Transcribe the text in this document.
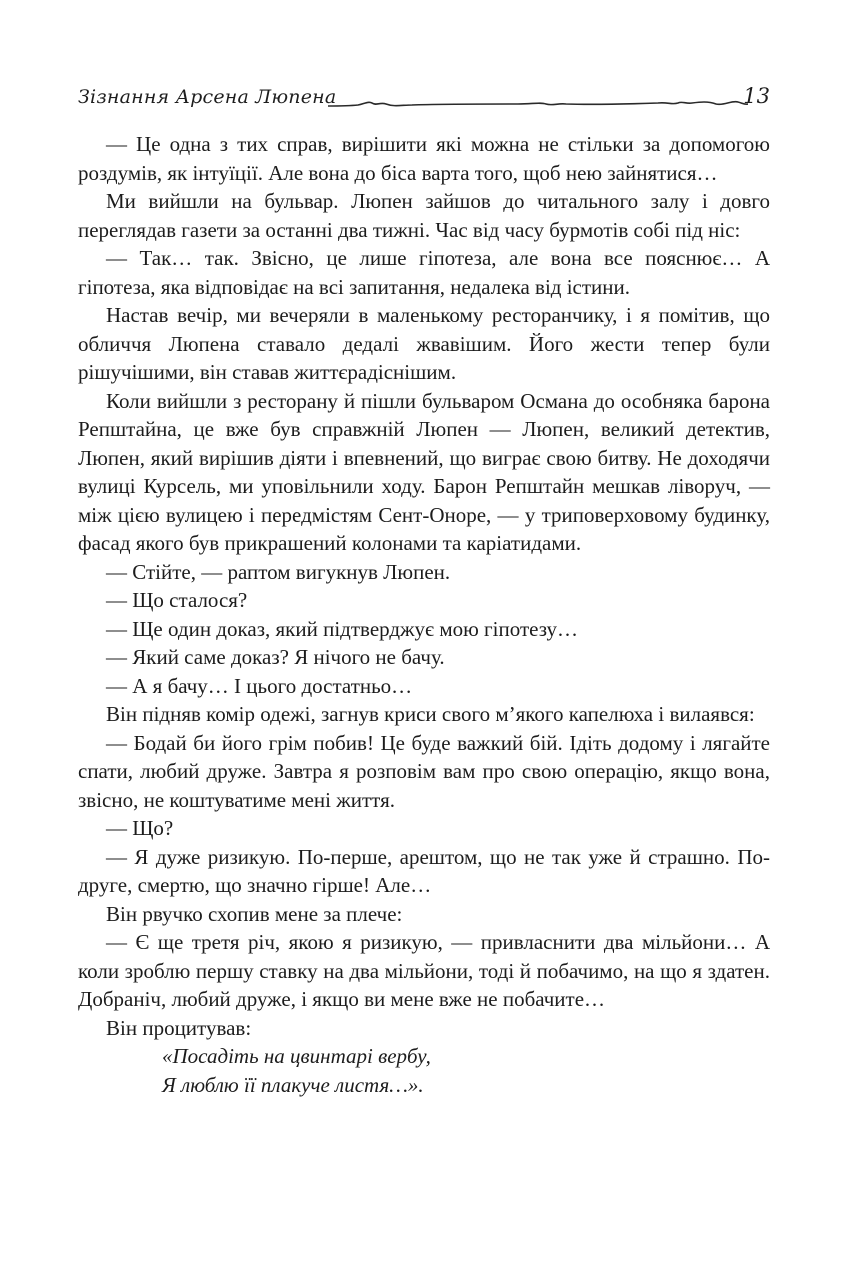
Зізнання Арсена Люпена	13

— Це одна з тих справ, вирішити які можна не стільки за допомогою роздумів, як інтуїції. Але вона до біса варта того, щоб нею зайнятися…

Ми вийшли на бульвар. Люпен зайшов до читального залу і довго переглядав газети за останні два тижні. Час від часу бурмотів собі під ніс:

— Так… так. Звісно, це лише гіпотеза, але вона все пояснює… А гіпотеза, яка відповідає на всі запитання, недалека від істини.

Настав вечір, ми вечеряли в маленькому ресторанчику, і я помітив, що обличчя Люпена ставало дедалі жвавішим. Його жести тепер були рішучішими, він ставав життєрадіснішим.

Коли вийшли з ресторану й пішли бульваром Османа до особняка барона Репштайна, це вже був справжній Люпен — Люпен, великий детектив, Люпен, який вирішив діяти і впевнений, що виграє свою битву. Не доходячи вулиці Курсель, ми уповільнили ходу. Барон Репштайн мешкав ліворуч, — між цією вулицею і передмістям Сент-Оноре, — у триповерховому будинку, фасад якого був прикрашений колонами та каріатидами.

— Стійте, — раптом вигукнув Люпен.

— Що сталося?

— Ще один доказ, який підтверджує мою гіпотезу…

— Який саме доказ? Я нічого не бачу.

— А я бачу… І цього достатньо…

Він підняв комір одежі, загнув криси свого м’якого капелюха і вилаявся:

— Бодай би його грім побив! Це буде важкий бій. Ідіть додому і лягайте спати, любий друже. Завтра я розповім вам про свою операцію, якщо вона, звісно, не коштуватиме мені життя.

— Що?

— Я дуже ризикую. По-перше, арештом, що не так уже й страшно. По-друге, смертю, що значно гірше! Але…

Він рвучко схопив мене за плече:

— Є ще третя річ, якою я ризикую, — привласнити два мільйони… А коли зроблю першу ставку на два мільйони, тоді й побачимо, на що я здатен. Добраніч, любий друже, і якщо ви мене вже не побачите…

Він процитував:

«Посадіть на цвинтарі вербу,
Я люблю її плакуче листя…».
